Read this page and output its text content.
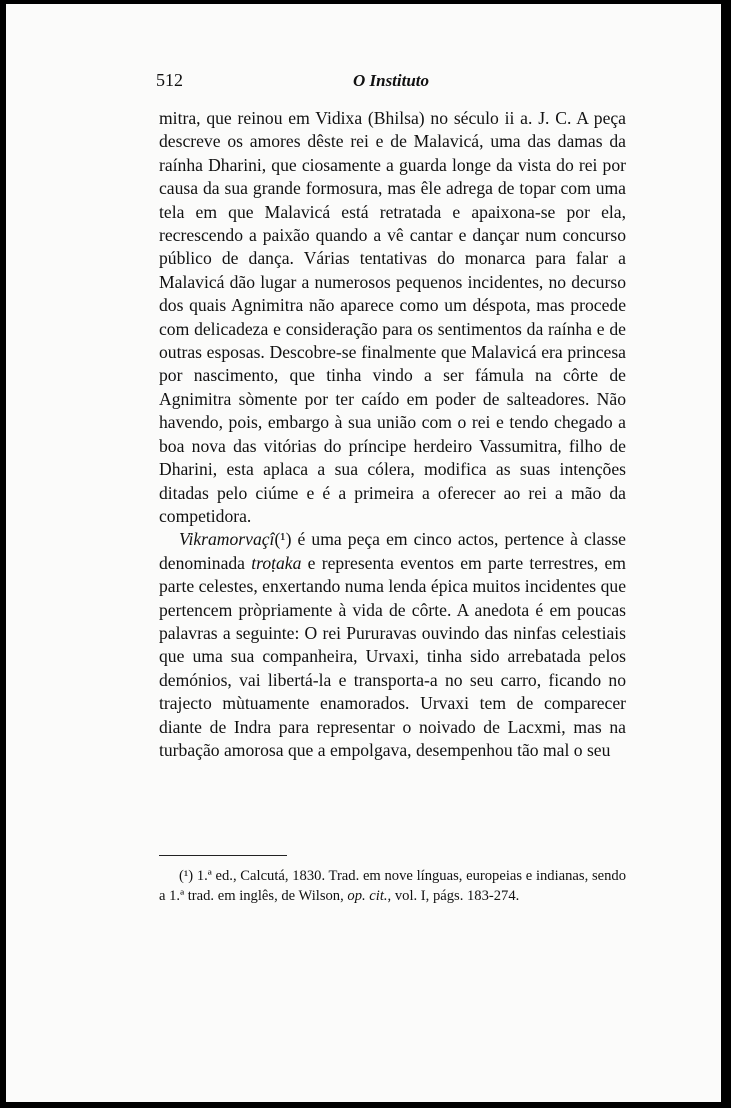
512	O Instituto

mitra, que reinou em Vidixa (Bhilsa) no século ii a. J. C. A peça descreve os amores dêste rei e de Malavicá, uma das damas da raínha Dharini, que ciosamente a guarda longe da vista do rei por causa da sua grande formosura, mas êle adrega de topar com uma tela em que Malavicá está retratada e apaixona-se por ela, recrescendo a paixão quando a vê cantar e dançar num concurso público de dança. Várias tentativas do monarca para falar a Malavicá dão lugar a numerosos pequenos incidentes, no decurso dos quais Agnimitra não aparece como um déspota, mas procede com delicadeza e consideração para os sentimentos da raínha e de outras esposas. Descobre-se finalmente que Malavicá era princesa por nascimento, que tinha vindo a ser fámula na côrte de Agnimitra sòmente por ter caído em poder de salteadores. Não havendo, pois, embargo à sua união com o rei e tendo chegado a boa nova das vitórias do príncipe herdeiro Vassumitra, filho de Dharini, esta aplaca a sua cólera, modifica as suas intenções ditadas pelo ciúme e é a primeira a oferecer ao rei a mão da competidora.

Vikramorvaçî(¹) é uma peça em cinco actos, pertence à classe denominada troṭaka e representa eventos em parte terrestres, em parte celestes, enxertando numa lenda épica muitos incidentes que pertencem pròpriamente à vida de côrte. A anedota é em poucas palavras a seguinte: O rei Pururavas ouvindo das ninfas celestiais que uma sua companheira, Urvaxi, tinha sido arrebatada pelos demónios, vai libertá-la e transporta-a no seu carro, ficando no trajecto mùtuamente enamorados. Urvaxi tem de comparecer diante de Indra para representar o noivado de Lacxmi, mas na turbação amorosa que a empolgava, desempenhou tão mal o seu

(¹) 1.ª ed., Calcutá, 1830. Trad. em nove línguas, europeias e indianas, sendo a 1.ª trad. em inglês, de Wilson, op. cit., vol. I, págs. 183-274.
